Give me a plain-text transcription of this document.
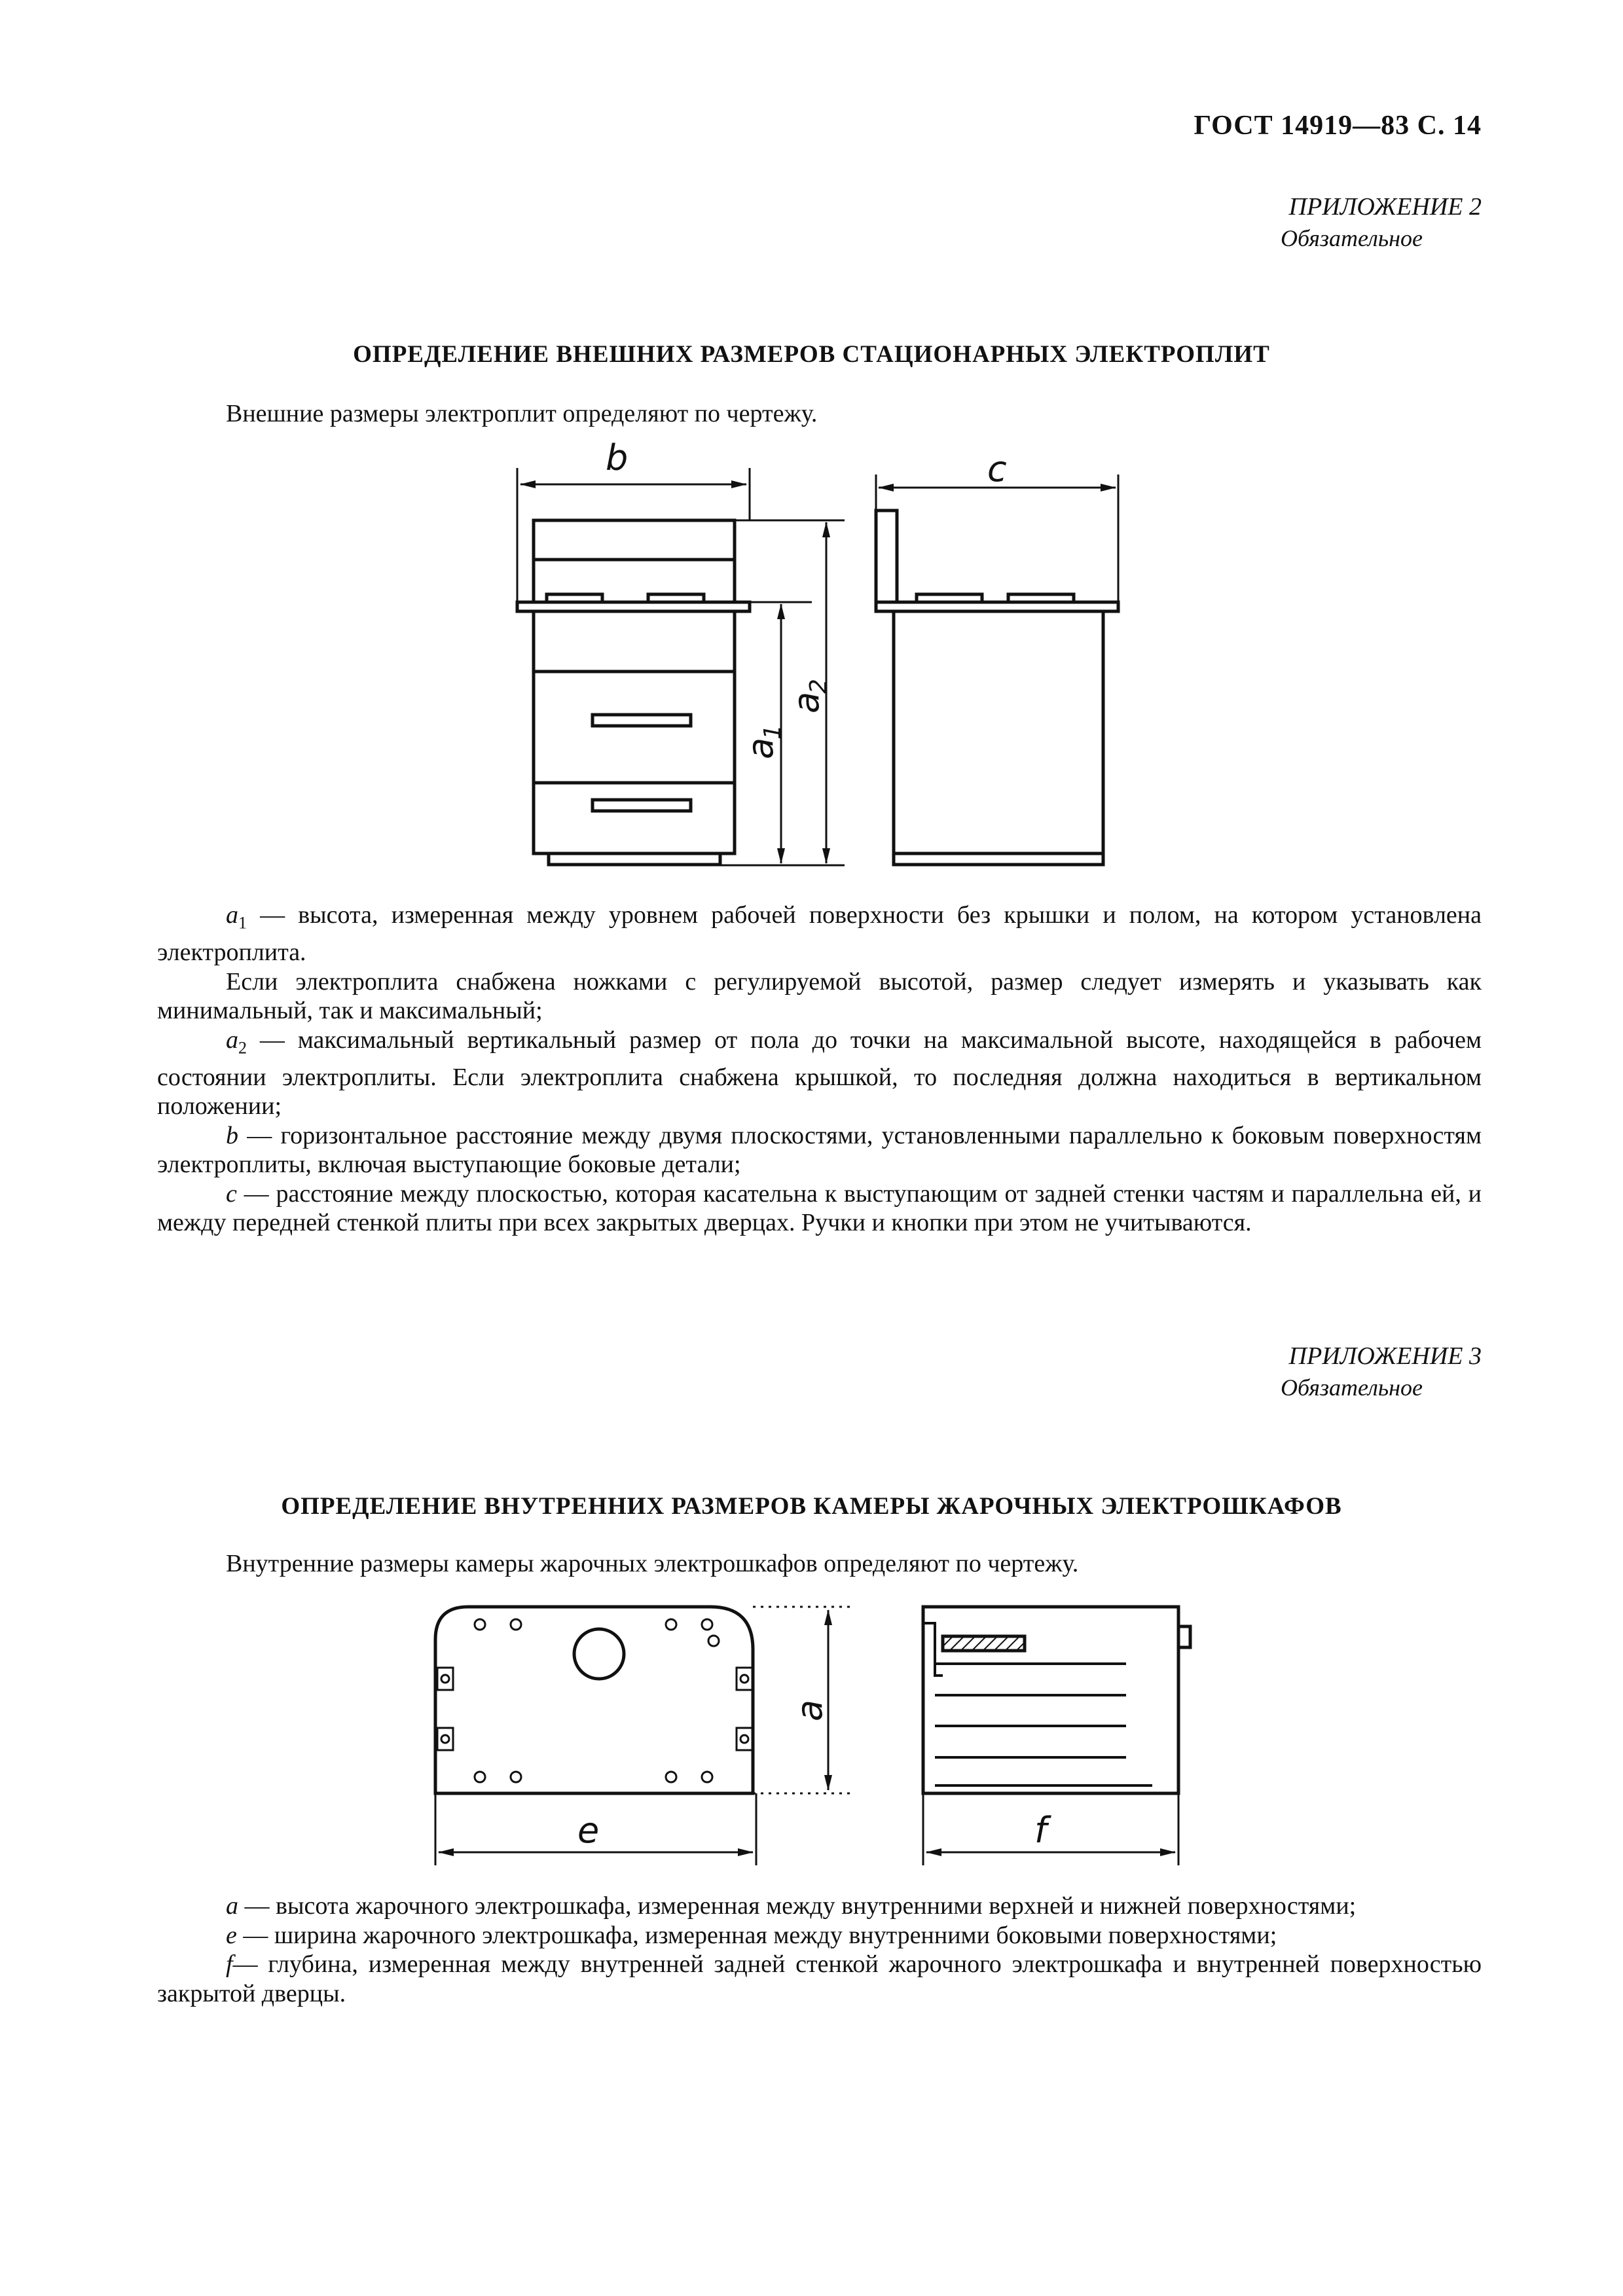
ГОСТ 14919—83 С. 14
ПРИЛОЖЕНИЕ 2
Обязательное
ОПРЕДЕЛЕНИЕ ВНЕШНИХ РАЗМЕРОВ СТАЦИОНАРНЫХ ЭЛЕКТРОПЛИТ
Внешние размеры электроплит определяют по чертежу.
b	c
a
1
a
2
e	f
a

$a_1$ — высота, измеренная между уровнем рабочей поверхности без крышки и полом, на котором установлена электроплита.

Если электроплита снабжена ножками с регулируемой высотой, размер следует измерять и указывать как минимальный, так и максимальный;

$a_2$ — максимальный вертикальный размер от пола до точки на максимальной высоте, находящейся в рабочем состоянии электроплиты. Если электроплита снабжена крышкой, то последняя должна находиться в вертикальном положении;

b — горизонтальное расстояние между двумя плоскостями, установленными параллельно к боковым поверхностям электроплиты, включая выступающие боковые детали;

c — расстояние между плоскостью, которая касательна к выступающим от задней стенки частям и параллельна ей, и между передней стенкой плиты при всех закрытых дверцах. Ручки и кнопки при этом не учитываются.

ПРИЛОЖЕНИЕ 3
Обязательное
ОПРЕДЕЛЕНИЕ ВНУТРЕННИХ РАЗМЕРОВ КАМЕРЫ ЖАРОЧНЫХ ЭЛЕКТРОШКАФОВ
Внутренние размеры камеры жарочных электрошкафов определяют по чертежу.

a — высота жарочного электрошкафа, измеренная между внутренними верхней и нижней поверхностями;

e — ширина жарочного электрошкафа, измеренная между внутренними боковыми поверхностями;

f— глубина, измеренная между внутренней задней стенкой жарочного электрошкафа и внутренней поверхностью закрытой дверцы.
